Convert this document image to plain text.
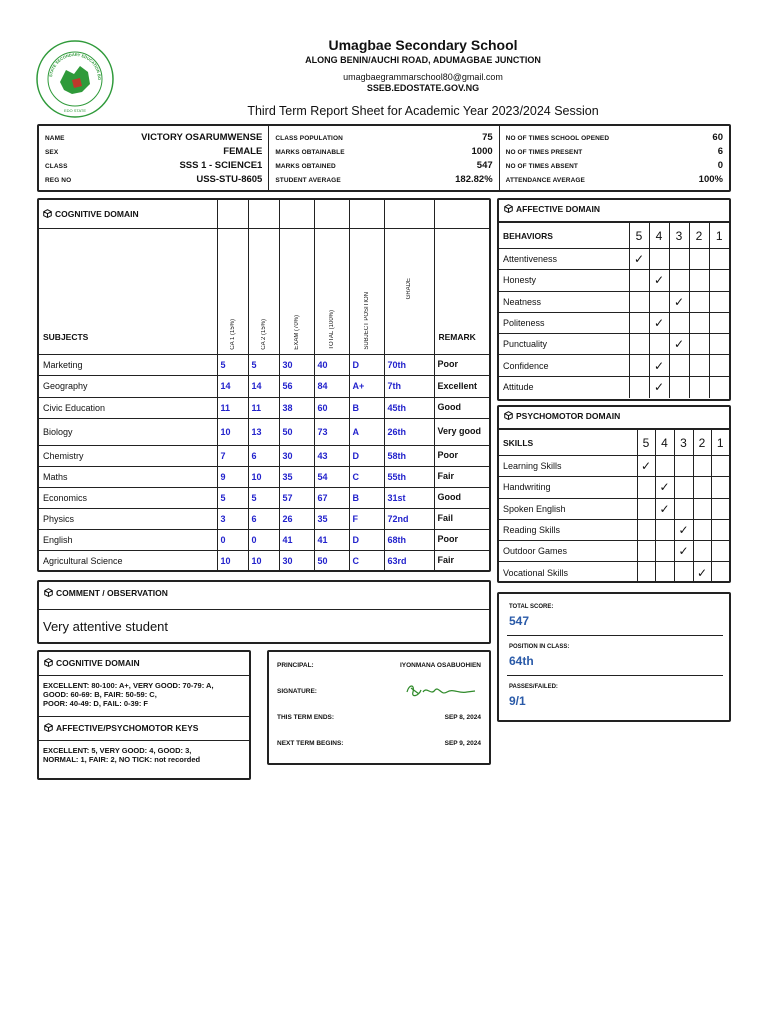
STATE SECONDARY EDUCATION BO
EDO STATE
Umagbae Secondary School
ALONG BENIN/AUCHI ROAD, ADUMAGBAE JUNCTION
umagbaegrammarschool80@gmail.com
SSEB.EDOSTATE.GOV.NG
Third Term Report Sheet for Academic Year 2023/2024 Session
NAME	VICTORY OSARUMWENSE
SEX	FEMALE
CLASS	SSS 1 - SCIENCE1
REG NO	USS-STU-8605
CLASS POPULATION	75
MARKS OBTAINABLE	1000
MARKS OBTAINED	547
STUDENT AVERAGE	182.82%
NO OF TIMES SCHOOL OPENED	60
NO OF TIMES PRESENT	6
NO OF TIMES ABSENT	0
ATTENDANCE AVERAGE	100%
COGNITIVE DOMAIN							
SUBJECTS	CA 1 (15%)	CA 2 (15%)	EXAM (70%)	TOTAL (100%)	SUBJECT POSITION	GRADE	REMARK
Marketing	5	5	30	40	D	70th	Poor
Geography	14	14	56	84	A+	7th	Excellent
Civic Education	11	11	38	60	B	45th	Good
Biology	10	13	50	73	A	26th	Very good
Chemistry	7	6	30	43	D	58th	Poor
Maths	9	10	35	54	C	55th	Fair
Economics	5	5	57	67	B	31st	Good
Physics	3	6	26	35	F	72nd	Fail
English	0	0	41	41	D	68th	Poor
Agricultural Science	10	10	30	50	C	63rd	Fair
AFFECTIVE DOMAIN
BEHAVIORS	5	4	3	2	1
Attentiveness	✓				
Honesty		✓			
Neatness			✓		
Politeness		✓			
Punctuality			✓		
Confidence		✓			
Attitude		✓			
PSYCHOMOTOR DOMAIN
SKILLS	5	4	3	2	1
Learning Skills	✓				
Handwriting		✓			
Spoken English		✓			
Reading Skills			✓		
Outdoor Games			✓		
Vocational Skills				✓	
COMMENT / OBSERVATION
Very attentive student
COGNITIVE DOMAIN
EXCELLENT: 80-100: A+, VERY GOOD: 70-79: A,
GOOD: 60-69: B, FAIR: 50-59: C,
POOR: 40-49: D, FAIL: 0-39: F
AFFECTIVE/PSYCHOMOTOR KEYS
EXCELLENT: 5, VERY GOOD: 4, GOOD: 3,
NORMAL: 1, FAIR: 2, NO TICK: not recorded
PRINCIPAL:	IYONMANA OSABUOHIEN
SIGNATURE:
THIS TERM ENDS:	SEP 8, 2024
NEXT TERM BEGINS:	SEP 9, 2024
TOTAL SCORE:
547
POSITION IN CLASS:
64th
PASSES/FAILED:
9/1
